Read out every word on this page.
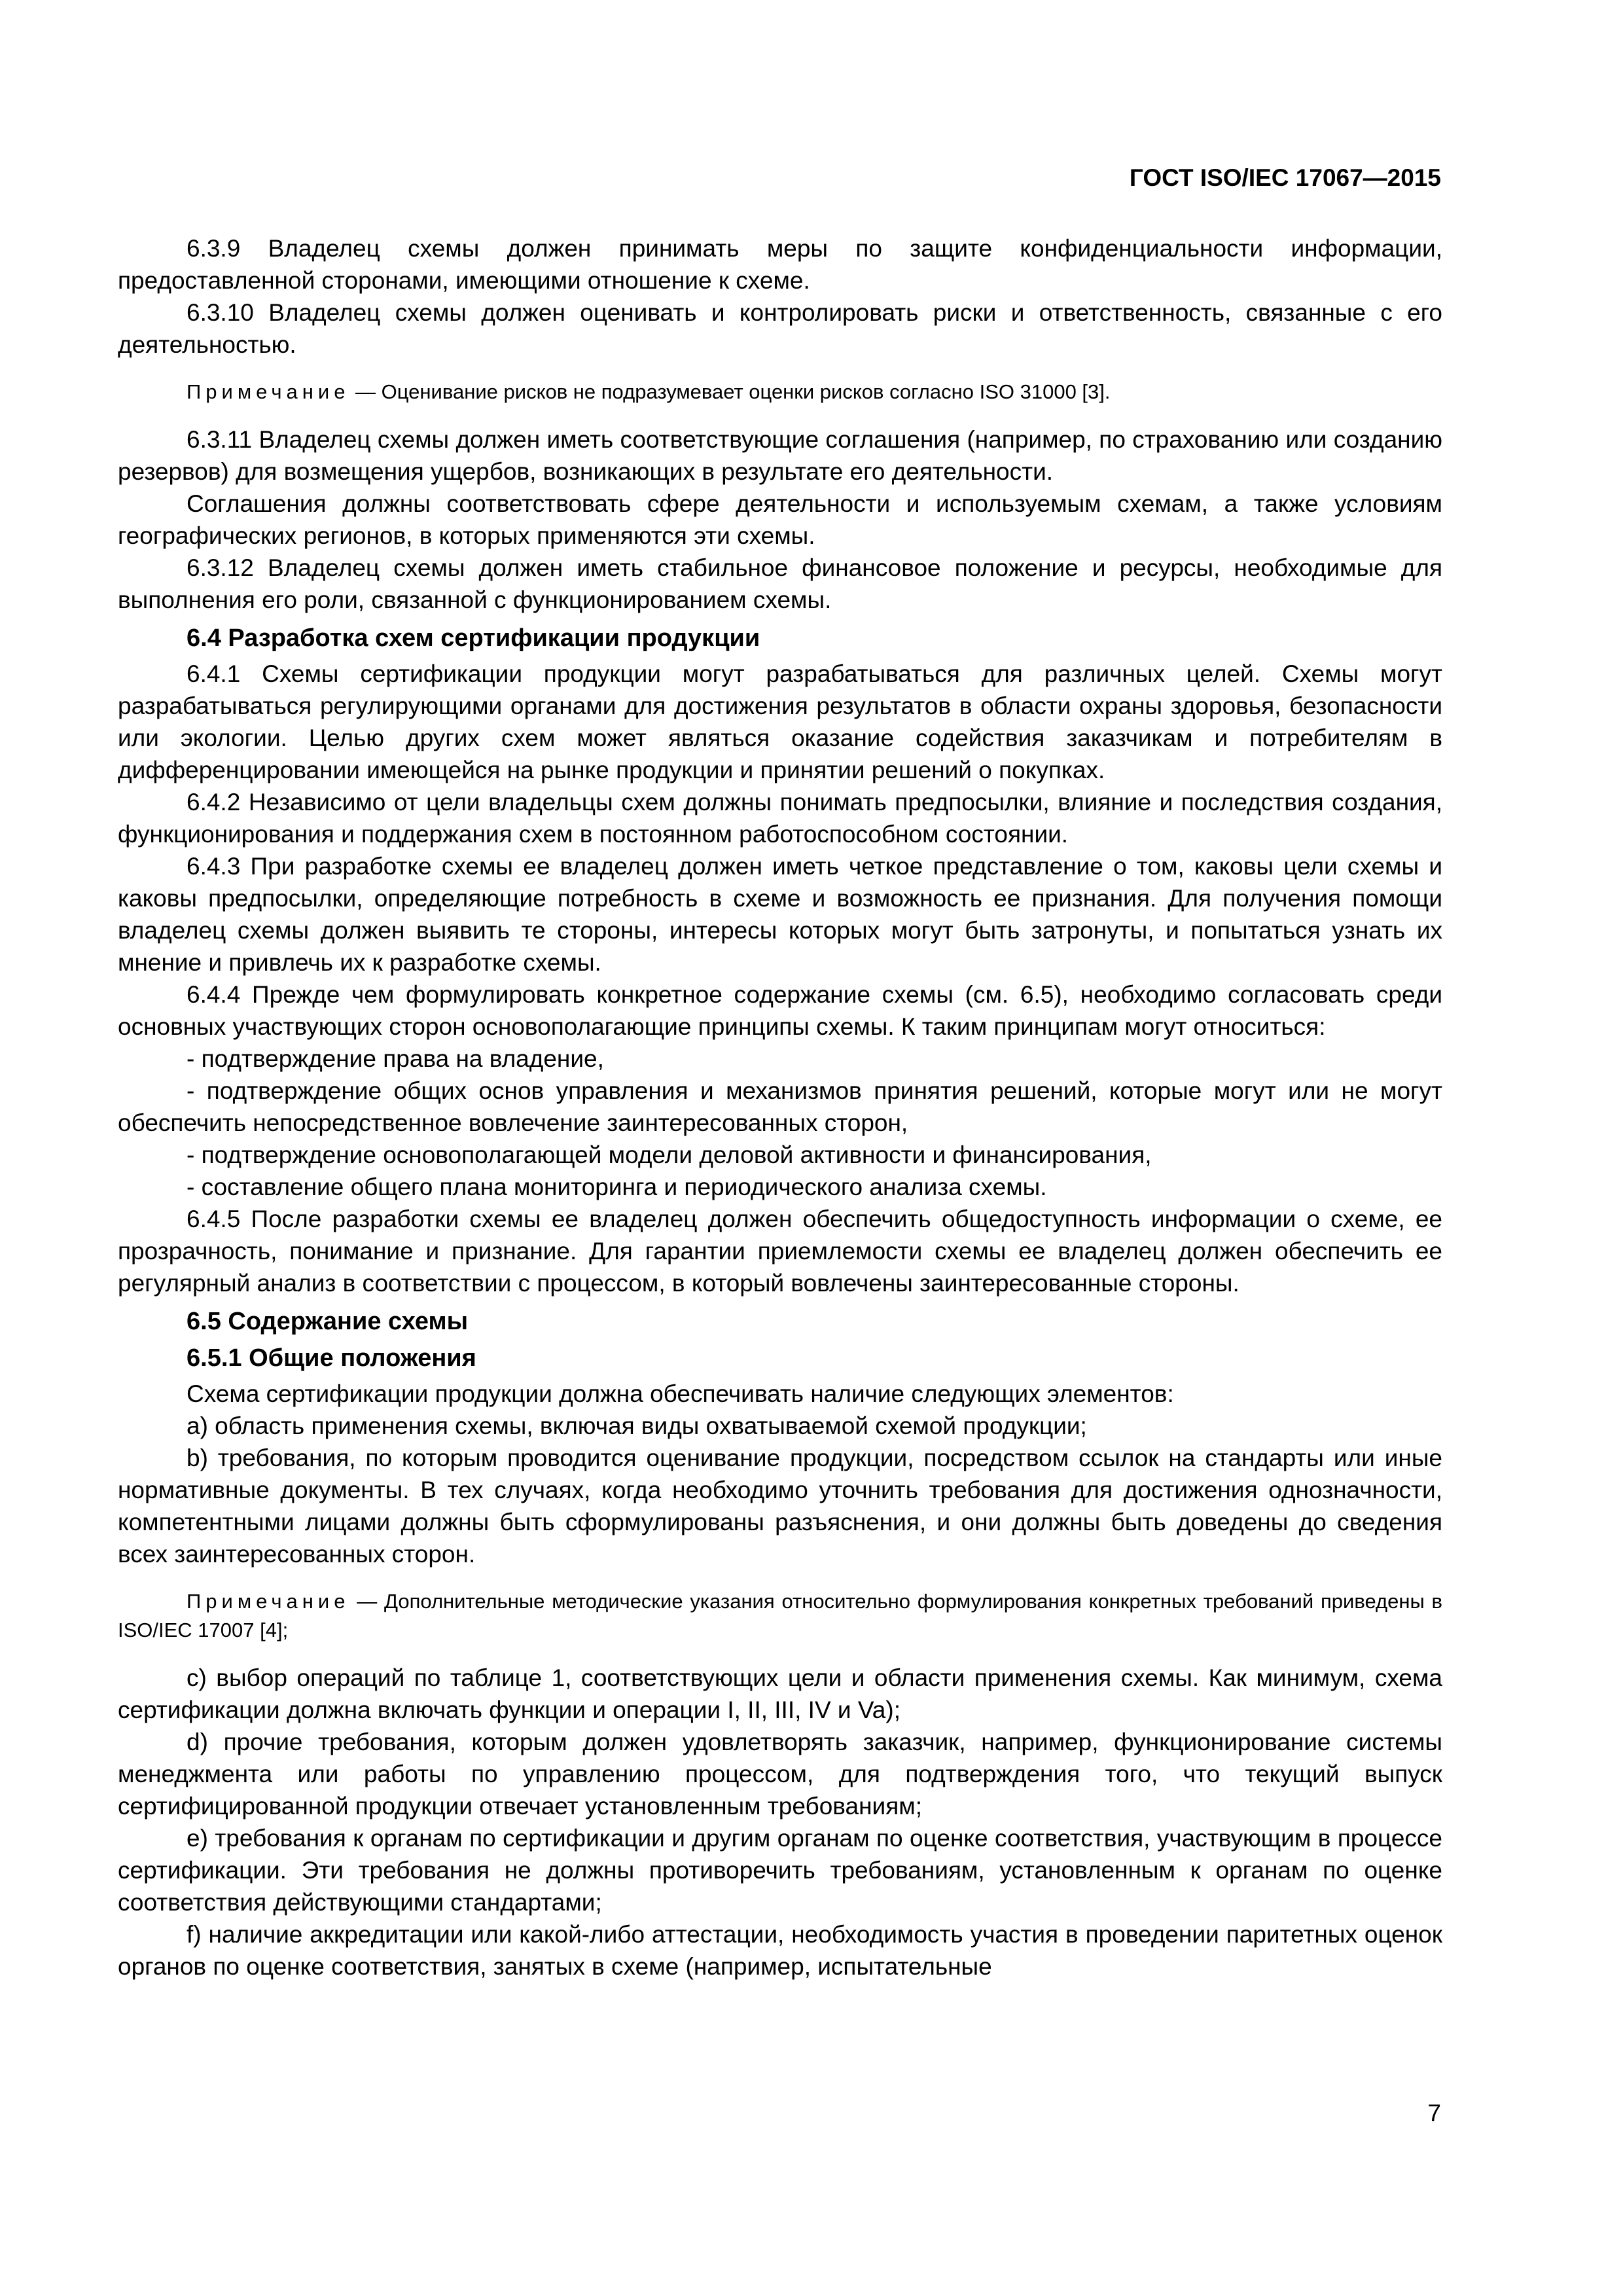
ГОСТ ISO/IEC 17067—2015

6.3.9 Владелец схемы должен принимать меры по защите конфиденциальности информации, предоставленной сторонами, имеющими отношение к схеме.

6.3.10 Владелец схемы должен оценивать и контролировать риски и ответственность, связанные с его деятельностью.

Примечание — Оценивание рисков не подразумевает оценки рисков согласно ISO 31000 [3].

6.3.11 Владелец схемы должен иметь соответствующие соглашения (например, по страхованию или созданию резервов) для возмещения ущербов, возникающих в результате его деятельности.

Соглашения должны соответствовать сфере деятельности и используемым схемам, а также условиям географических регионов, в которых применяются эти схемы.

6.3.12 Владелец схемы должен иметь стабильное финансовое положение и ресурсы, необходимые для выполнения его роли, связанной с функционированием схемы.

6.4 Разработка схем сертификации продукции

6.4.1 Схемы сертификации продукции могут разрабатываться для различных целей. Схемы могут разрабатываться регулирующими органами для достижения результатов в области охраны здоровья, безопасности или экологии. Целью других схем может являться оказание содействия заказчикам и потребителям в дифференцировании имеющейся на рынке продукции и принятии решений о покупках.

6.4.2 Независимо от цели владельцы схем должны понимать предпосылки, влияние и последствия создания, функционирования и поддержания схем в постоянном работоспособном состоянии.

6.4.3 При разработке схемы ее владелец должен иметь четкое представление о том, каковы цели схемы и каковы предпосылки, определяющие потребность в схеме и возможность ее признания. Для получения помощи владелец схемы должен выявить те стороны, интересы которых могут быть затронуты, и попытаться узнать их мнение и привлечь их к разработке схемы.

6.4.4 Прежде чем формулировать конкретное содержание схемы (см. 6.5), необходимо согласовать среди основных участвующих сторон основополагающие принципы схемы. К таким принципам могут относиться:

- подтверждение права на владение,

- подтверждение общих основ управления и механизмов принятия решений, которые могут или не могут обеспечить непосредственное вовлечение заинтересованных сторон,

- подтверждение основополагающей модели деловой активности и финансирования,

- составление общего плана мониторинга и периодического анализа схемы.

6.4.5 После разработки схемы ее владелец должен обеспечить общедоступность информации о схеме, ее прозрачность, понимание и признание. Для гарантии приемлемости схемы ее владелец должен обеспечить ее регулярный анализ в соответствии с процессом, в который вовлечены заинтересованные стороны.

6.5 Содержание схемы
6.5.1 Общие положения

Схема сертификации продукции должна обеспечивать наличие следующих элементов:

a) область применения схемы, включая виды охватываемой схемой продукции;

b) требования, по которым проводится оценивание продукции, посредством ссылок на стандарты или иные нормативные документы. В тех случаях, когда необходимо уточнить требования для достижения однозначности, компетентными лицами должны быть сформулированы разъяснения, и они должны быть доведены до сведения всех заинтересованных сторон.

Примечание — Дополнительные методические указания относительно формулирования конкретных требований приведены в ISO/IEC 17007 [4];

c) выбор операций по таблице 1, соответствующих цели и области применения схемы. Как минимум, схема сертификации должна включать функции и операции I, II, III, IV и Va);

d) прочие требования, которым должен удовлетворять заказчик, например, функционирование системы менеджмента или работы по управлению процессом, для подтверждения того, что текущий выпуск сертифицированной продукции отвечает установленным требованиям;

e) требования к органам по сертификации и другим органам по оценке соответствия, участвующим в процессе сертификации. Эти требования не должны противоречить требованиям, установленным к органам по оценке соответствия действующими стандартами;

f) наличие аккредитации или какой-либо аттестации, необходимость участия в проведении паритетных оценок органов по оценке соответствия, занятых в схеме (например, испытательные

7
